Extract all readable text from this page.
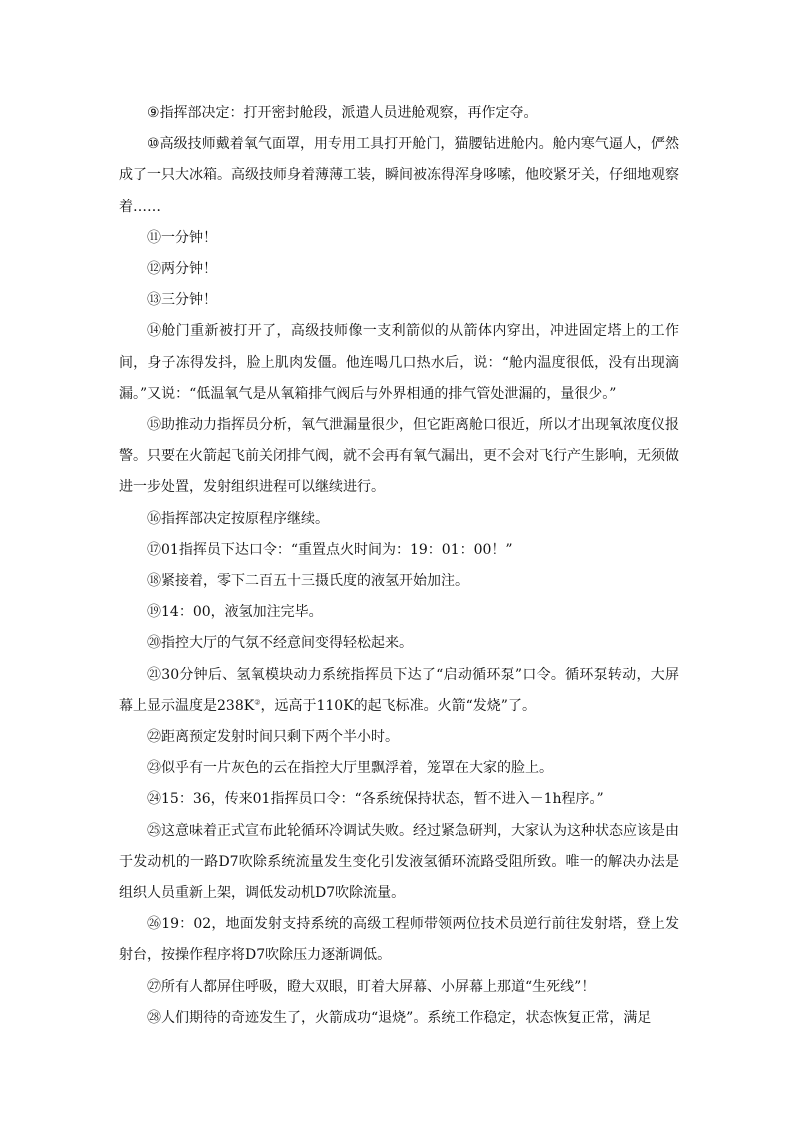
⑨指挥部决定：打开密封舱段，派遣人员进舱观察，再作定夺。

⑩高级技师戴着氧气面罩，用专用工具打开舱门，猫腰钻进舱内。舱内寒气逼人，俨然成了一只大冰箱。高级技师身着薄薄工装，瞬间被冻得浑身哆嗦，他咬紧牙关，仔细地观察着……

⑪一分钟！

⑫两分钟！

⑬三分钟！

⑭舱门重新被打开了，高级技师像一支利箭似的从箭体内穿出，冲进固定塔上的工作间，身子冻得发抖，脸上肌肉发僵。他连喝几口热水后，说：“舱内温度很低，没有出现滴漏。”又说：“低温氧气是从氧箱排气阀后与外界相通的排气管处泄漏的，量很少。”

⑮助推动力指挥员分析，氧气泄漏量很少，但它距离舱口很近，所以才出现氧浓度仪报警。只要在火箭起飞前关闭排气阀，就不会再有氧气漏出，更不会对飞行产生影响，无须做进一步处置，发射组织进程可以继续进行。

⑯指挥部决定按原程序继续。

⑰01指挥员下达口令：“重置点火时间为：19：01：00！”

⑱紧接着，零下二百五十三摄氏度的液氢开始加注。

⑲14：00，液氢加注完毕。

⑳指控大厅的气氛不经意间变得轻松起来。

㉑30分钟后、氢氧模块动力系统指挥员下达了“启动循环泵”口令。循环泵转动，大屏幕上显示温度是238K②，远高于110K的起飞标准。火箭“发烧”了。

㉒距离预定发射时间只剩下两个半小时。

㉓似乎有一片灰色的云在指控大厅里飘浮着，笼罩在大家的脸上。

㉔15：36，传来01指挥员口令：“各系统保持状态，暂不进入－1h程序。”

㉕这意味着正式宣布此轮循环冷调试失败。经过紧急研判，大家认为这种状态应该是由于发动机的一路D7吹除系统流量发生变化引发液氢循环流路受阻所致。唯一的解决办法是组织人员重新上架，调低发动机D7吹除流量。

㉖19：02，地面发射支持系统的高级工程师带领两位技术员逆行前往发射塔，登上发射台，按操作程序将D7吹除压力逐渐调低。

㉗所有人都屏住呼吸，瞪大双眼，盯着大屏幕、小屏幕上那道“生死线”！

㉘人们期待的奇迹发生了，火箭成功“退烧”。系统工作稳定，状态恢复正常，满足
